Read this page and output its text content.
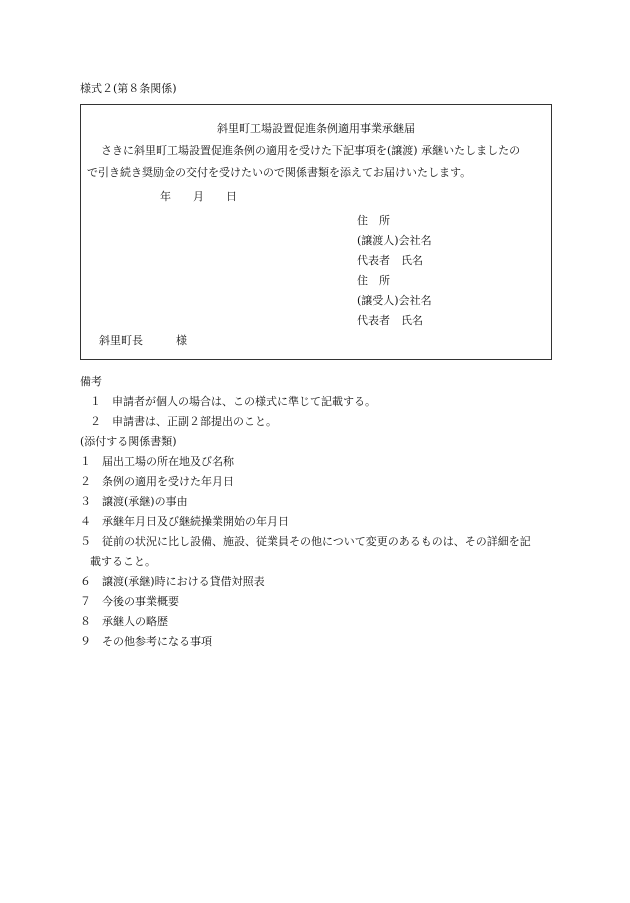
様式２(第８条関係)
斜里町工場設置促進条例適用事業承継届
さきに斜里町工場設置促進条例の適用を受けた下記事項を(譲渡) 承継いたしましたの
で引き続き奨励金の交付を受けたいので関係書類を添えてお届けいたします。
年　　月　　日
住　所
(譲渡人)会社名
代表者　氏名
住　所
(譲受人)会社名
代表者　氏名
斜里町長　　　様
備考
１　申請者が個人の場合は、この様式に準じて記載する。
２　申請書は、正副２部提出のこと。
(添付する関係書類)
１　届出工場の所在地及び名称
２　条例の適用を受けた年月日
３　譲渡(承継)の事由
４　承継年月日及び継続操業開始の年月日
５　従前の状況に比し設備、施設、従業員その他について変更のあるものは、その詳細を記
載すること。
６　譲渡(承継)時における貸借対照表
７　今後の事業概要
８　承継人の略歴
９　その他参考になる事項
